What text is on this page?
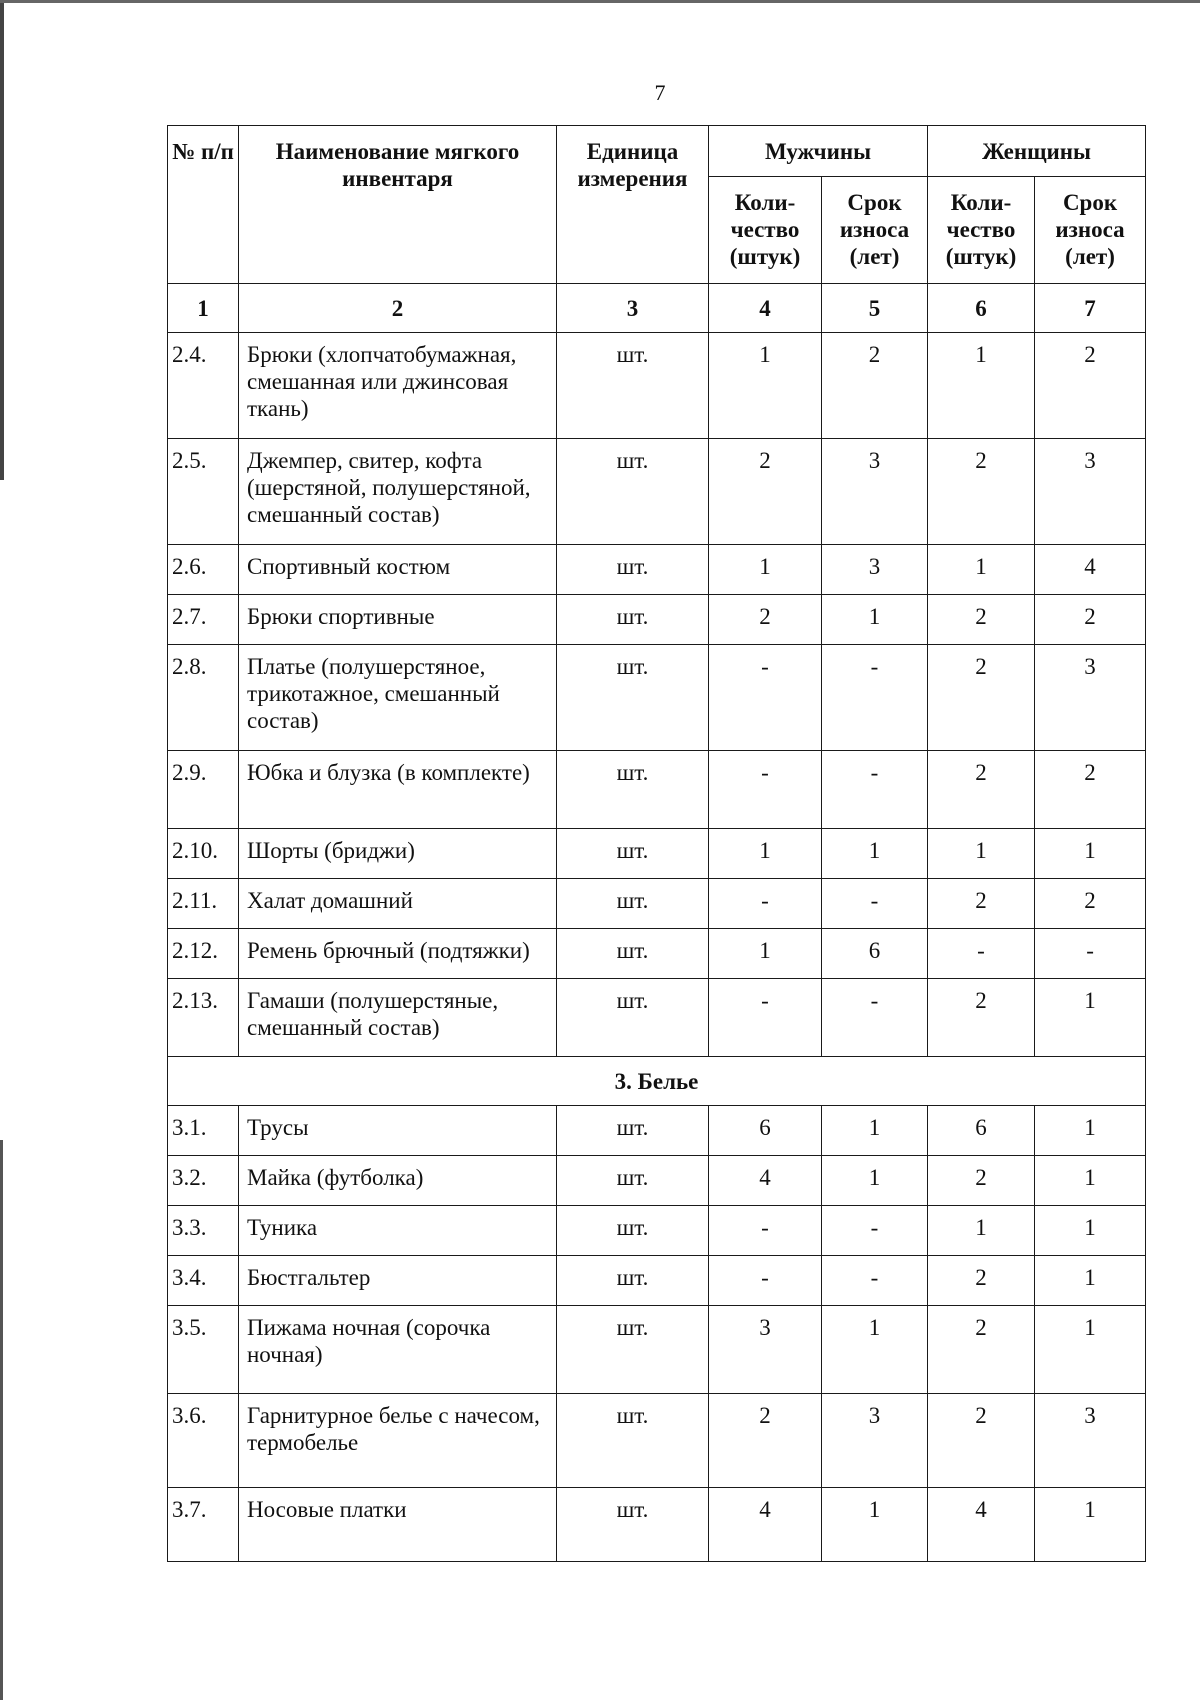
7
№ п/п	Наименование мягкого инвентаря	Единица измерения	Мужчины		Женщины	
			Коли-чество (штук)	Срок износа (лет)	Коли-чество (штук)	Срок износа (лет)
1	2	3	4	5	6	7
2.4.	Брюки (хлопчатобумажная, смешанная или джинсовая ткань)	шт.	1	2	1	2
2.5.	Джемпер, свитер, кофта (шерстяной, полушерстяной, смешанный состав)	шт.	2	3	2	3
2.6.	Спортивный костюм	шт.	1	3	1	4
2.7.	Брюки спортивные	шт.	2	1	2	2
2.8.	Платье (полушерстяное, трикотажное, смешанный состав)	шт.	-	-	2	3
2.9.	Юбка и блузка (в комплекте)	шт.	-	-	2	2
2.10.	Шорты (бриджи)	шт.	1	1	1	1
2.11.	Халат домашний	шт.	-	-	2	2
2.12.	Ремень брючный (подтяжки)	шт.	1	6	-	-
2.13.	Гамаши (полушерстяные, смешанный состав)	шт.	-	-	2	1
3. Белье						
3.1.	Трусы	шт.	6	1	6	1
3.2.	Майка (футболка)	шт.	4	1	2	1
3.3.	Туника	шт.	-	-	1	1
3.4.	Бюстгальтер	шт.	-	-	2	1
3.5.	Пижама ночная (сорочка ночная)	шт.	3	1	2	1
3.6.	Гарнитурное белье с начесом, термобелье	шт.	2	3	2	3
3.7.	Носовые платки	шт.	4	1	4	1
